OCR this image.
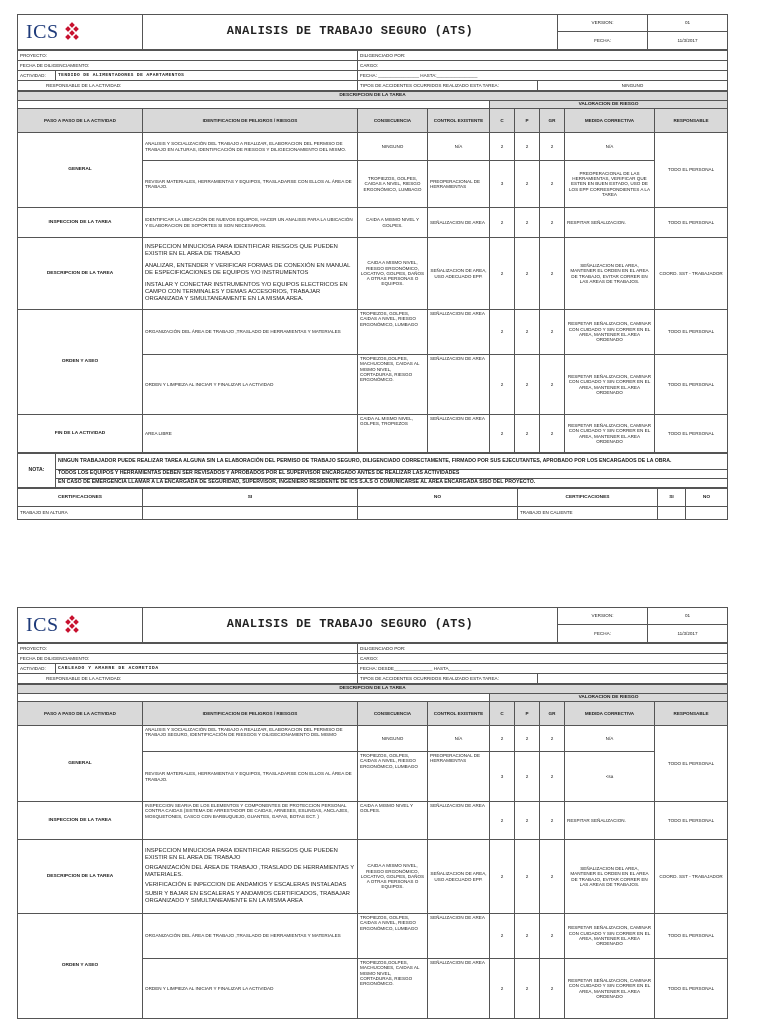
ICS	ANALISIS DE TRABAJO SEGURO (ATS)	VERSION:	01
		FECHA:	11/3/2017
PROYECTO:		DILIGENCIADO POR:	
FECHA DE DILIGENCIAMIENTO:		CARGO:	
ACTIVIDAD:	TENDIDO DE ALIMENTADORES DE APARTAMENTOS	FECHA: ________________ HASTA:________________	
RESPONSABLE DE LA ACTIVIDAD:		TIPOS DE ACCIDENTES OCURRIDOS REALIZADO ESTA TAREA:	NINGUNO
DESCRIPCION DE LA TAREA								
				VALORACION DE RIESGO				
PASO A PASO DE LA ACTIVIDAD	IDENTIFICACION DE PELIGROS / RIESGOS	CONSECUENCIA	CONTROL EXISTENTE	C	P	GR	MEDIDA CORRECTIVA	RESPONSABLE
GENERAL	ANALISIS Y SOCIALIZACIÓN DEL TRABAJO A REALIZAR, ELABORACION DEL PERMISO DE TRABAJO EN ALTURAS, IDENTIFICACIÓN DE RIESGOS Y DILIGECIONAMIENTO DEL MISMO.	NINGUNO	N/A	2	2	2	N/A	TODO EL PERSONAL
	REVISAR MATERIALES, HERRAMIENTAS Y EQUIPOS, TRASLADARSE CON ELLOS AL ÁREA DE TRABAJO.	TROPIEZOS, GOLPES, CAIDAS A NIVEL, RIESGO ERGONÓMICO, LUMBAGO	PREOPERACIONAL DE HERRAMIENTAS	3	2	2	PREOPERACIONAL DE LAS HERRAMIENTAS, VERIFICAR QUE ESTEN EN BUEN ESTADO, USO DE LOS EPP CORRESPONDIENTES A LA TAREA	
INSPECCION DE LA TAREA	IDENTIFICAR LA UBICACIÓN DE NUEVOS EQUIPOS, HACER UN ANALISIS PARA LA UBICACIÓN Y ELABORACION DE SOPORTES SI SON NECESARIOS.	CAIDA A MISMO NIVEL Y GOLPES.	SEÑALIZACION DE AREA	2	2	2	RESPITAR SEÑALIZACION.	TODO EL PERSONAL
DESCRIPCION DE LA TAREA	INSPECCION MINUCIOSA PARA IDENTIFICAR RIESGOS QUE PUEDEN EXISTIR EN EL AREA DE TRABAJO
ANALIZAR, ENTENDER Y VERIFICAR FORMAS DE CONEXIÓN EN MANUAL DE ESPECIFICACIONES DE EQUIPOS Y/O INSTRUMENTOS
INSTALAR Y CONECTAR INSTRUMENTOS Y/O EQUIPOS ELECTRICOS EN CAMPO CON TERMINALES Y DEMAS ACCESORIOS, TRABAJAR ORGANIZADA Y SIMULTANEAMENTE EN LA MISMA AREA.	CAIDA A MISMO NIVEL, RIESGO ERGONÓMICO, LOCATIVO, GOLPES, DAÑOS A OTRAS PERSONAS O EQUIPOS.	SEÑALIZACION DE AREA, USO ADECUADO EPP.	2	2	2	SEÑALIZACION DEL AREA, MANTENER EL ORDEN EN EL AREA DE TRABAJO, EVITAR CORRER EN LAS AREAS DE TRABAJOS.	COORD. SST - TRABAJADOR
ORDEN Y ASEO	ORGANIZACIÓN DEL ÁREA DE TRABAJO ,TRASLADO DE HERRAMIENTAS Y MATERIALES	TROPIEZOS, GOLPES, CAIDAS A NIVEL, RIESGO ERGONÓMICO, LUMBAGO	SEÑALIZACION DE AREA	2	2	2	RESPETAR SEÑALIZACION, CAMINAR CON CUIDADO Y SIN CORRER EN EL AREA, MANTENER EL AREA ORDENADO	TODO EL PERSONAL
	ORDEN Y LIMPIEZA AL INICIAR Y FINALIZAR LA ACTIVIDAD	TROPIEZOS,GOLPES, MACHUCONES, CAIDAS AL MISMO NIVEL, CORTADURAS, RIESGO ERGONÓMICO.	SEÑALIZACION DE AREA	2	2	2	RESPETAR SEÑALIZACION, CAMINAR CON CUIDADO Y SIN CORRER EN EL AREA, MANTENER EL AREA ORDENADO	TODO EL PERSONAL
FIN DE LA ACTIVIDAD	AREA LIBRE	CAIDA AL MISMO NIVEL, GOLPES, TROPIEZOS	SEÑALIZACION DE AREA	2	2	2	RESPETAR SEÑALIZACION, CAMINAR CON CUIDADO Y SIN CORRER EN EL AREA, MANTENER EL AREA ORDENADO	TODO EL PERSONAL
NOTA:	NINGUN TRABAJADOR PUEDE REALIZAR TAREA ALGUNA SIN LA ELABORACIÓN DEL PERMISO DE TRABAJO SEGURO, DILIGENCIADO CORRECTAMENTE, FIRMADO POR SUS EJECUTANTES, APROBADO POR LOS ENCARGADOS DE LA OBRA.
TODOS LOS EQUIPOS Y HERRAMIENTAS DEBEN SER REVISADOS Y APROBADOS POR EL SUPERVISOR ENCARGADO ANTES DE REALIZAR LAS ACTIVIDADES
EN CASO DE EMERGENCIA LLAMAR A LA ENCARGADA DE SEGURIDAD, SUPERVISOR, INGENIERO RESIDENTE DE ICS S.A.S O COMUNICARSE AL AREA ENCARGADA SISO DEL PROYECTO.
CERTIFICACIONES	SI	NO	CERTIFICACIONES	SI	NO
TRABAJO EN ALTURA			TRABAJO EN CALIENTE		
ICS	ANALISIS DE TRABAJO SEGURO (ATS)	VERSION:	01
		FECHA:	11/3/2017
PROYECTO:		DILIGENCIADO POR:	
FECHA DE DILIGENCIAMIENTO:		CARGO:	
ACTIVIDAD:	CABLEADO Y AMARRE DE ACOMETIDA	FECHA: DESDE_______________ HASTA_________	
RESPONSABLE DE LA ACTIVIDAD:		TIPOS DE ACCIDENTES OCURRIDOS REALIZADO ESTA TAREA:	
DESCRIPCION DE LA TAREA								
				VALORACION DE RIESGO				
PASO A PASO DE LA ACTIVIDAD	IDENTIFICACION DE PELIGROS / RIESGOS	CONSECUENCIA	CONTROL EXISTENTE	C	P	GR	MEDIDA CORRECTIVA	RESPONSABLE
GENERAL	ANALISIS Y SOCIALIZACIÓN DEL TRABAJO A REALIZAR, ELABORACION DEL PERMISO DE TRABAJO SEGURO, IDENTIFICACIÓN DE RIESGOS Y DILIGECIONAMIENTO DEL MISMO	NINGUNO	N/A	2	2	2	N/A	TODO EL PERSONAL
	REVISAR MATERIALES, HERRAMIENTAS Y EQUIPOS, TRASLADARSE CON ELLOS AL ÁREA DE TRABAJO.	TROPIEZOS, GOLPES, CAIDAS A NIVEL, RIESGO ERGONÓMICO, LUMBAGO	PREOPERACIONAL DE HERRAMIENTAS	3	2	2	<sa	
INSPECCION DE LA TAREA	INSPECCION SEARIA DE LOS ELEMENTOS Y COMPONENTES DE PROTECCION PERSONAL CONTRA CAIDAS (SISTEMA DE ARRESTADOR DE CAIDAS, ARNESES, ESLINGAS, ANCLAJES, MOSQUETONES, CASCO CON BARBUQUEJO, GUANTES, GAFAS, BOTAS ECT. )	CAIDA A MISMO NIVEL Y GOLPES.	SEÑALIZACION DE AREA	2	2	2	RESPITAR SEÑALIZACION.	TODO EL PERSONAL
DESCRIPCION DE LA TAREA	INSPECCION MINUCIOSA PARA IDENTIFICAR RIESGOS QUE PUEDEN EXISTIR EN EL AREA DE TRABAJO
ORGANIZACIÓN DEL ÁREA DE TRABAJO ,TRASLADO DE HERRAMIENTAS Y MATERIALES.
VERIFICACIÓN E INPECCION DE ANDAMIOS Y ESCALERAS INSTALADAS
SUBIR Y BAJAR EN ESCALERAS Y ANDAMIOS CERTIFICADOS, TRABAJAR ORGANIZADO Y SIMULTANEAMENTE EN LA MISMA AREA	CAIDA A MISMO NIVEL, RIESGO ERGONÓMICO, LOCATIVO, GOLPES, DAÑOS A OTRAS PERSONAS O EQUIPOS.	SEÑALIZACION DE AREA, USO ADECUADO EPP.	2	2	2	SEÑALIZACION DEL AREA, MANTENER EL ORDEN EN EL AREA DE TRABAJO, EVITAR CORRER EN LAS AREAS DE TRABAJOS.	COORD. SST - TRABAJADOR
ORDEN Y ASEO	ORGANIZACIÓN DEL ÁREA DE TRABAJO ,TRASLADO DE HERRAMIENTAS Y MATERIALES	TROPIEZOS, GOLPES, CAIDAS A NIVEL, RIESGO ERGONÓMICO, LUMBAGO	SEÑALIZACION DE AREA	2	2	2	RESPETAR SEÑALIZACION, CAMINAR CON CUIDADO Y SIN CORRER EN EL AREA, MANTENER EL AREA ORDENADO	TODO EL PERSONAL
	ORDEN Y LIMPIEZA AL INICIAR Y FINALIZAR LA ACTIVIDAD	TROPIEZOS,GOLPES, MACHUCONES, CAIDAS AL MISMO NIVEL, CORTADURAS, RIESGO ERGONÓMICO.	SEÑALIZACION DE AREA	2	2	2	RESPETAR SEÑALIZACION, CAMINAR CON CUIDADO Y SIN CORRER EN EL AREA, MANTENER EL AREA ORDENADO	TODO EL PERSONAL
